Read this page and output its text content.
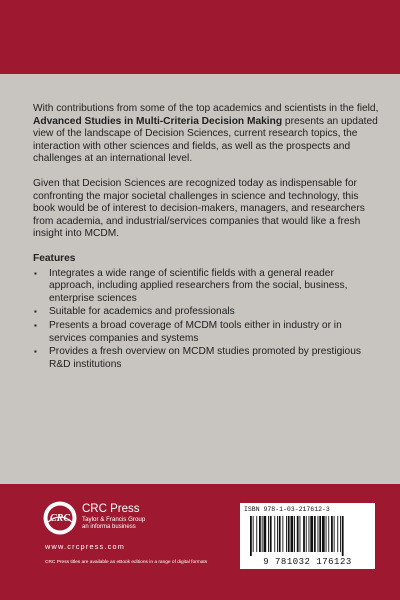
With contributions from some of the top academics and scientists in the field, Advanced Studies in Multi-Criteria Decision Making presents an updated view of the landscape of Decision Sciences, current research topics, the interaction with other sciences and fields, as well as the prospects and challenges at an international level.

Given that Decision Sciences are recognized today as indispensable for confronting the major societal challenges in science and technology, this book would be of interest to decision-makers, managers, and researchers from academia, and industrial/services companies that would like a fresh insight into MCDM.

Features
▪ Integrates a wide range of scientific fields with a general reader approach, including applied researchers from the social, business, enterprise sciences
▪ Suitable for academics and professionals
▪ Presents a broad coverage of MCDM tools either in industry or in services companies and systems
▪ Provides a fresh overview on MCDM studies promoted by prestigious R&D institutions
CRC
CRC Press
Taylor & Francis Group
an informa business
www.crcpress.com
CRC Press titles are available as eBook editions in a range of digital formats
ISBN 978-1-03-217612-3
9 781032 176123
